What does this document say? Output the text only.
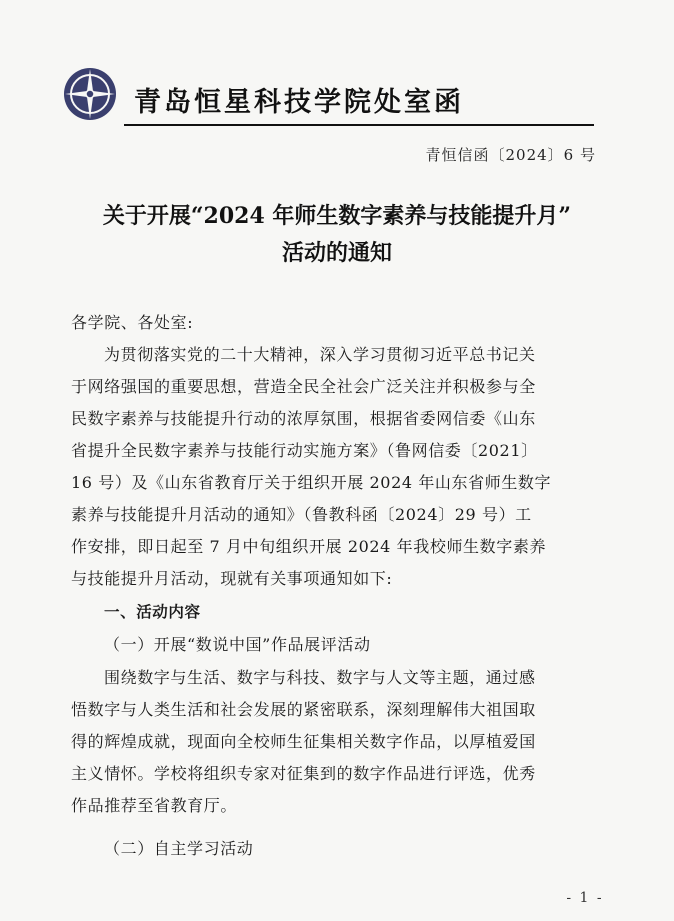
青岛恒星科技学院处室函
青恒信函〔2024〕6 号
关于开展“2024 年师生数字素养与技能提升月”
活动的通知
各学院、各处室:
为贯彻落实党的二十大精神，深入学习贯彻习近平总书记关
于网络强国的重要思想，营造全民全社会广泛关注并积极参与全
民数字素养与技能提升行动的浓厚氛围，根据省委网信委《山东
省提升全民数字素养与技能行动实施方案》（鲁网信委〔2021〕
16 号）及《山东省教育厅关于组织开展 2024 年山东省师生数字
素养与技能提升月活动的通知》（鲁教科函〔2024〕29 号）工
作安排，即日起至 7 月中旬组织开展 2024 年我校师生数字素养
与技能提升月活动，现就有关事项通知如下:
一、活动内容
（一）开展“数说中国”作品展评活动
围绕数字与生活、数字与科技、数字与人文等主题，通过感
悟数字与人类生活和社会发展的紧密联系，深刻理解伟大祖国取
得的辉煌成就，现面向全校师生征集相关数字作品，以厚植爱国
主义情怀。学校将组织专家对征集到的数字作品进行评选，优秀
作品推荐至省教育厅。
（二）自主学习活动
- 1 -
